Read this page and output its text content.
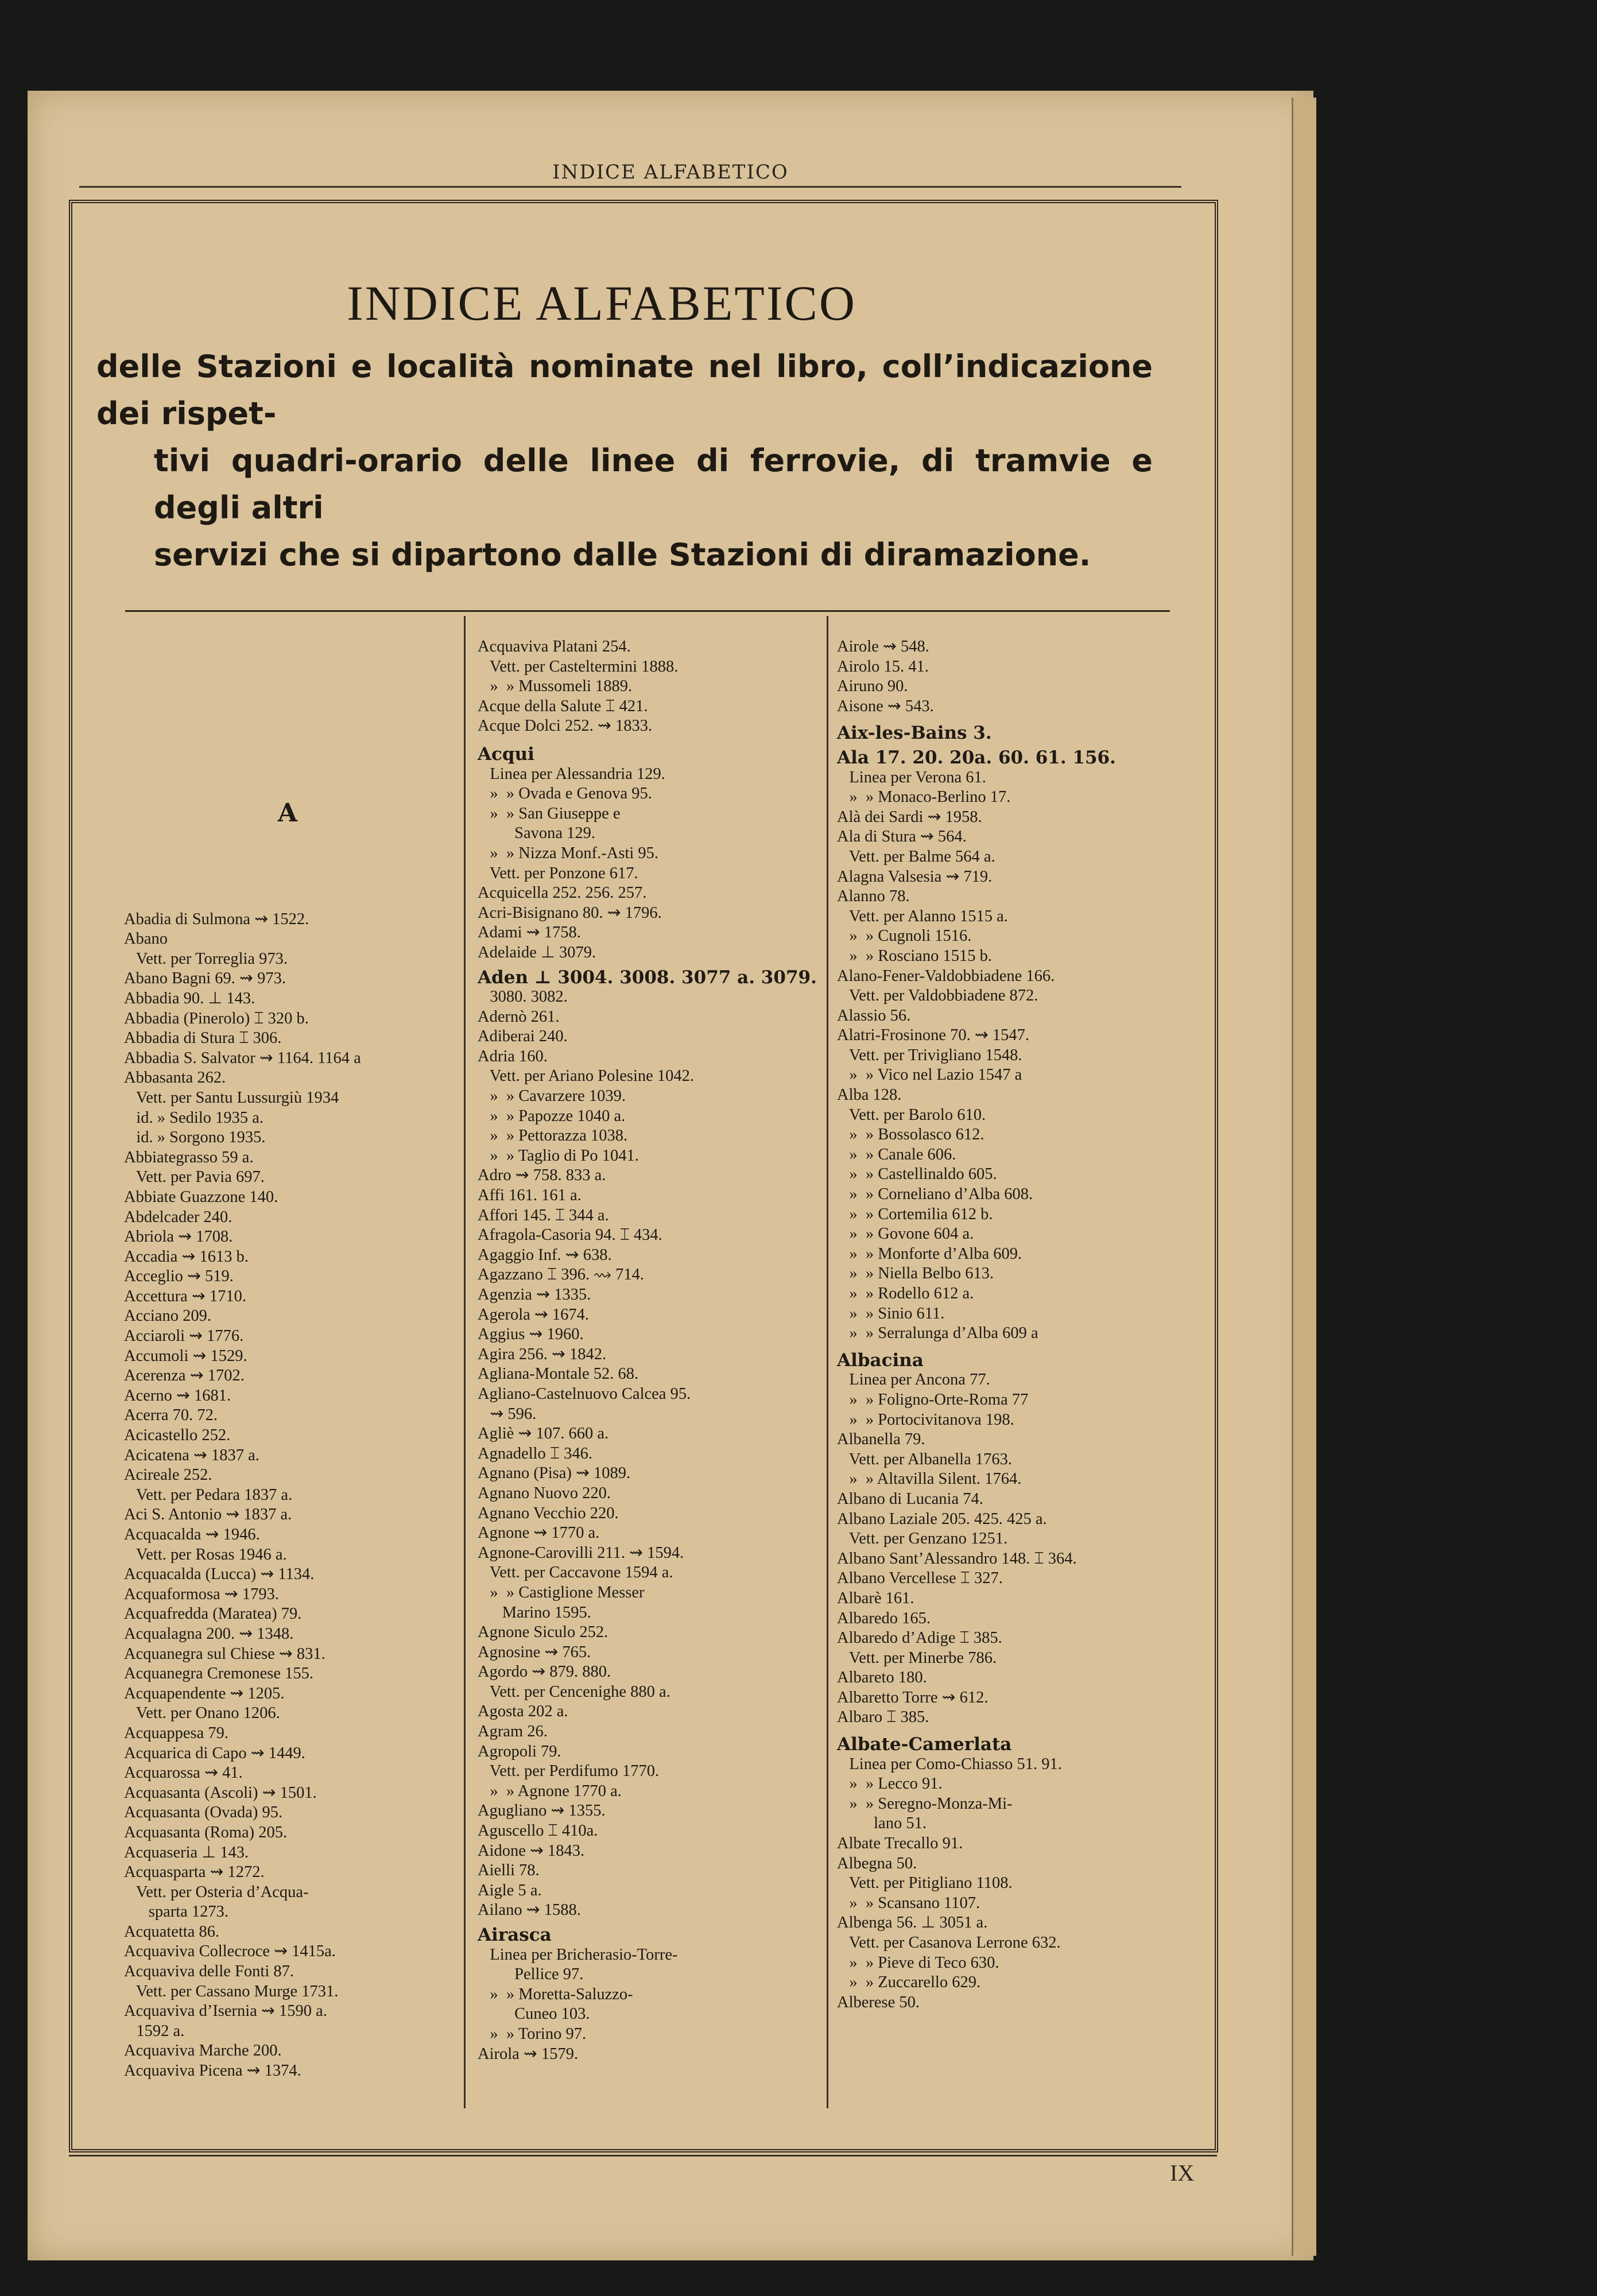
INDICE ALFABETICO
INDICE ALFABETICO
delle Stazioni e località nominate nel libro, coll’indicazione dei rispet-
tivi quadri-orario delle linee di ferrovie, di tramvie e degli altri
servizi che si dipartono dalle Stazioni di diramazione.
A
Abadia di Sulmona ⇝ 1522.
Abano
Vett. per Torreglia 973.
Abano Bagni 69. ⇝ 973.
Abbadia 90. ⊥ 143.
Abbadia (Pinerolo) ⌶ 320 b.
Abbadia di Stura ⌶ 306.
Abbadia S. Salvator ⇝ 1164. 1164 a
Abbasanta 262.
Vett. per Santu Lussurgiù 1934
id. » Sedilo 1935 a.
id. » Sorgono 1935.
Abbiategrasso 59 a.
Vett. per Pavia 697.
Abbiate Guazzone 140.
Abdelcader 240.
Abriola ⇝ 1708.
Accadia ⇝ 1613 b.
Acceglio ⇝ 519.
Accettura ⇝ 1710.
Acciano 209.
Acciaroli ⇝ 1776.
Accumoli ⇝ 1529.
Acerenza ⇝ 1702.
Acerno ⇝ 1681.
Acerra 70. 72.
Acicastello 252.
Acicatena ⇝ 1837 a.
Acireale 252.
Vett. per Pedara 1837 a.
Aci S. Antonio ⇝ 1837 a.
Acquacalda ⇝ 1946.
Vett. per Rosas 1946 a.
Acquacalda (Lucca) ⇝ 1134.
Acquaformosa ⇝ 1793.
Acquafredda (Maratea) 79.
Acqualagna 200. ⇝ 1348.
Acquanegra sul Chiese ⇝ 831.
Acquanegra Cremonese 155.
Acquapendente ⇝ 1205.
Vett. per Onano 1206.
Acquappesa 79.
Acquarica di Capo ⇝ 1449.
Acquarossa ⇝ 41.
Acquasanta (Ascoli) ⇝ 1501.
Acquasanta (Ovada) 95.
Acquasanta (Roma) 205.
Acquaseria ⊥ 143.
Acquasparta ⇝ 1272.
Vett. per Osteria d’Acqua-
sparta 1273.
Acquatetta 86.
Acquaviva Collecroce ⇝ 1415a.
Acquaviva delle Fonti 87.
Vett. per Cassano Murge 1731.
Acquaviva d’Isernia ⇝ 1590 a.
1592 a.
Acquaviva Marche 200.
Acquaviva Picena ⇝ 1374.
Acquaviva Platani 254.
Vett. per Casteltermini 1888.
»  » Mussomeli 1889.
Acque della Salute ⌶ 421.
Acque Dolci 252. ⇝ 1833.
Acqui
Linea per Alessandria 129.
»  » Ovada e Genova 95.
»  » San Giuseppe e
Savona 129.
»  » Nizza Monf.-Asti 95.
Vett. per Ponzone 617.
Acquicella 252. 256. 257.
Acri-Bisignano 80. ⇝ 1796.
Adami ⇝ 1758.
Adelaide ⊥ 3079.
Aden ⊥ 3004. 3008. 3077 a. 3079.
3080. 3082.
Adernò 261.
Adiberai 240.
Adria 160.
Vett. per Ariano Polesine 1042.
»  » Cavarzere 1039.
»  » Papozze 1040 a.
»  » Pettorazza 1038.
»  » Taglio di Po 1041.
Adro ⇝ 758. 833 a.
Affi 161. 161 a.
Affori 145. ⌶ 344 a.
Afragola-Casoria 94. ⌶ 434.
Agaggio Inf. ⇝ 638.
Agazzano ⌶ 396. ⇝ 714.
Agenzia ⇝ 1335.
Agerola ⇝ 1674.
Aggius ⇝ 1960.
Agira 256. ⇝ 1842.
Agliana-Montale 52. 68.
Agliano-Castelnuovo Calcea 95.
⇝ 596.
Agliè ⇝ 107. 660 a.
Agnadello ⌶ 346.
Agnano (Pisa) ⇝ 1089.
Agnano Nuovo 220.
Agnano Vecchio 220.
Agnone ⇝ 1770 a.
Agnone-Carovilli 211. ⇝ 1594.
Vett. per Caccavone 1594 a.
»  » Castiglione Messer
Marino 1595.
Agnone Siculo 252.
Agnosine ⇝ 765.
Agordo ⇝ 879. 880.
Vett. per Cencenighe 880 a.
Agosta 202 a.
Agram 26.
Agropoli 79.
Vett. per Perdifumo 1770.
»  » Agnone 1770 a.
Agugliano ⇝ 1355.
Aguscello ⌶ 410a.
Aidone ⇝ 1843.
Aielli 78.
Aigle 5 a.
Ailano ⇝ 1588.
Airasca
Linea per Bricherasio-Torre-
Pellice 97.
»  » Moretta-Saluzzo-
Cuneo 103.
»  » Torino 97.
Airola ⇝ 1579.
Airole ⇝ 548.
Airolo 15. 41.
Airuno 90.
Aisone ⇝ 543.
Aix-les-Bains 3.
Ala 17. 20. 20a. 60. 61. 156.
Linea per Verona 61.
»  » Monaco-Berlino 17.
Alà dei Sardi ⇝ 1958.
Ala di Stura ⇝ 564.
Vett. per Balme 564 a.
Alagna Valsesia ⇝ 719.
Alanno 78.
Vett. per Alanno 1515 a.
»  » Cugnoli 1516.
»  » Rosciano 1515 b.
Alano-Fener-Valdobbiadene 166.
Vett. per Valdobbiadene 872.
Alassio 56.
Alatri-Frosinone 70. ⇝ 1547.
Vett. per Trivigliano 1548.
»  » Vico nel Lazio 1547 a
Alba 128.
Vett. per Barolo 610.
»  » Bossolasco 612.
»  » Canale 606.
»  » Castellinaldo 605.
»  » Corneliano d’Alba 608.
»  » Cortemilia 612 b.
»  » Govone 604 a.
»  » Monforte d’Alba 609.
»  » Niella Belbo 613.
»  » Rodello 612 a.
»  » Sinio 611.
»  » Serralunga d’Alba 609 a
Albacina
Linea per Ancona 77.
»  » Foligno-Orte-Roma 77
»  » Portocivitanova 198.
Albanella 79.
Vett. per Albanella 1763.
»  » Altavilla Silent. 1764.
Albano di Lucania 74.
Albano Laziale 205. 425. 425 a.
Vett. per Genzano 1251.
Albano Sant’Alessandro 148. ⌶ 364.
Albano Vercellese ⌶ 327.
Albarè 161.
Albaredo 165.
Albaredo d’Adige ⌶ 385.
Vett. per Minerbe 786.
Albareto 180.
Albaretto Torre ⇝ 612.
Albaro ⌶ 385.
Albate-Camerlata
Linea per Como-Chiasso 51. 91.
»  » Lecco 91.
»  » Seregno-Monza-Mi-
lano 51.
Albate Trecallo 91.
Albegna 50.
Vett. per Pitigliano 1108.
»  » Scansano 1107.
Albenga 56. ⊥ 3051 a.
Vett. per Casanova Lerrone 632.
»  » Pieve di Teco 630.
»  » Zuccarello 629.
Alberese 50.
IX
